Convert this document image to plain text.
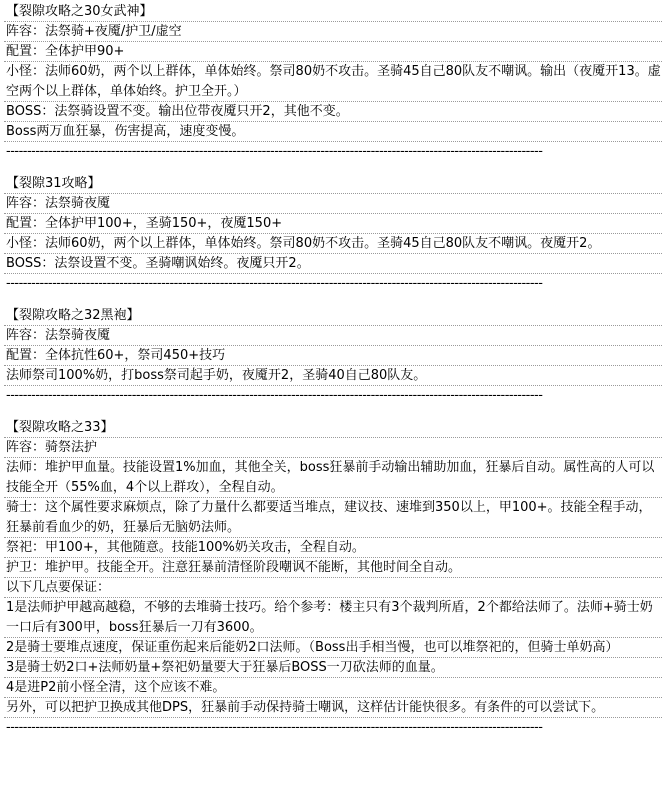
【裂隙攻略之30女武神】
阵容：法祭骑+夜魇/护卫/虚空
配置：全体护甲90+
小怪：法师60奶，两个以上群体，单体始终。祭司80奶不攻击。圣骑45自己80队友不嘲讽。输出（夜魇开13。虚空两个以上群体，单体始终。护卫全开。）
BOSS：法祭骑设置不变。输出位带夜魇只开2，其他不变。
Boss两万血狂暴，伤害提高，速度变慢。
--------------------------------------------------------------------------------------------------------------------------------
【裂隙31攻略】
阵容：法祭骑夜魇
配置：全体护甲100+，圣骑150+，夜魇150+
小怪：法师60奶，两个以上群体，单体始终。祭司80奶不攻击。圣骑45自己80队友不嘲讽。夜魇开2。
BOSS：法祭设置不变。圣骑嘲讽始终。夜魇只开2。
--------------------------------------------------------------------------------------------------------------------------------
【裂隙攻略之32黑袍】
阵容：法祭骑夜魇
配置：全体抗性60+，祭司450+技巧
法师祭司100%奶，打boss祭司起手奶，夜魇开2，圣骑40自己80队友。
--------------------------------------------------------------------------------------------------------------------------------
【裂隙攻略之33】
阵容：骑祭法护
法师：堆护甲血量。技能设置1%加血，其他全关，boss狂暴前手动输出辅助加血，狂暴后自动。属性高的人可以技能全开（55%血，4个以上群攻），全程自动。
骑士：这个属性要求麻烦点，除了力量什么都要适当堆点，建议技、速堆到350以上，甲100+。技能全程手动，狂暴前看血少的奶，狂暴后无脑奶法师。
祭祀：甲100+，其他随意。技能100%奶关攻击，全程自动。
护卫：堆护甲。技能全开。注意狂暴前清怪阶段嘲讽不能断，其他时间全自动。
以下几点要保证：
1是法师护甲越高越稳，不够的去堆骑士技巧。给个参考：楼主只有3个裁判所盾，2个都给法师了。法师+骑士奶一口后有300甲，boss狂暴后一刀有3600。
2是骑士要堆点速度，保证重伤起来后能奶2口法师。（Boss出手相当慢，也可以堆祭祀的，但骑士单奶高）
3是骑士奶2口+法师奶量+祭祀奶量要大于狂暴后BOSS一刀砍法师的血量。
4是进P2前小怪全清，这个应该不难。
另外，可以把护卫换成其他DPS，狂暴前手动保持骑士嘲讽，这样估计能快很多。有条件的可以尝试下。
--------------------------------------------------------------------------------------------------------------------------------
